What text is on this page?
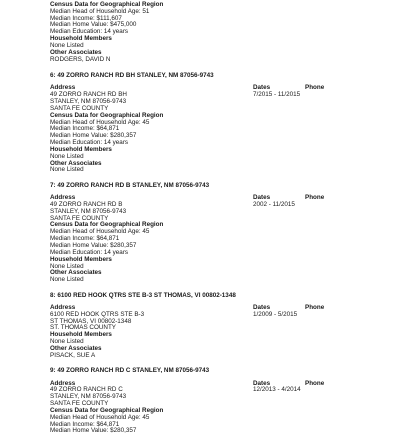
Census Data for Geographical Region
Median Head of Household Age: 51
Median Income: $111,607
Median Home Value: $475,000
Median Education: 14 years
Household Members
None Listed
Other Associates
RODGERS, DAVID N
6: 49 ZORRO RANCH RD BH STANLEY, NM 87056-9743
Dates
7/2015 - 11/2015
Phone
Address
49 ZORRO RANCH RD BH
STANLEY, NM 87056-9743
SANTA FE COUNTY
Census Data for Geographical Region
Median Head of Household Age: 45
Median Income: $64,871
Median Home Value: $280,357
Median Education: 14 years
Household Members
None Listed
Other Associates
None Listed
7: 49 ZORRO RANCH RD B STANLEY, NM 87056-9743
Dates
2002 - 11/2015
Phone
Address
49 ZORRO RANCH RD B
STANLEY, NM 87056-9743
SANTA FE COUNTY
Census Data for Geographical Region
Median Head of Household Age: 45
Median Income: $64,871
Median Home Value: $280,357
Median Education: 14 years
Household Members
None Listed
Other Associates
None Listed
8: 6100 RED HOOK QTRS STE B-3 ST THOMAS, VI 00802-1348
Dates
1/2009 - 5/2015
Phone
Address
6100 RED HOOK QTRS STE B-3
ST THOMAS, VI 00802-1348
ST. THOMAS COUNTY
Household Members
None Listed
Other Associates
PISACK, SUE A
9: 49 ZORRO RANCH RD C STANLEY, NM 87056-9743
Dates
12/2013 - 4/2014
Phone
Address
49 ZORRO RANCH RD C
STANLEY, NM 87056-9743
SANTA FE COUNTY
Census Data for Geographical Region
Median Head of Household Age: 45
Median Income: $64,871
Median Home Value: $280,357
